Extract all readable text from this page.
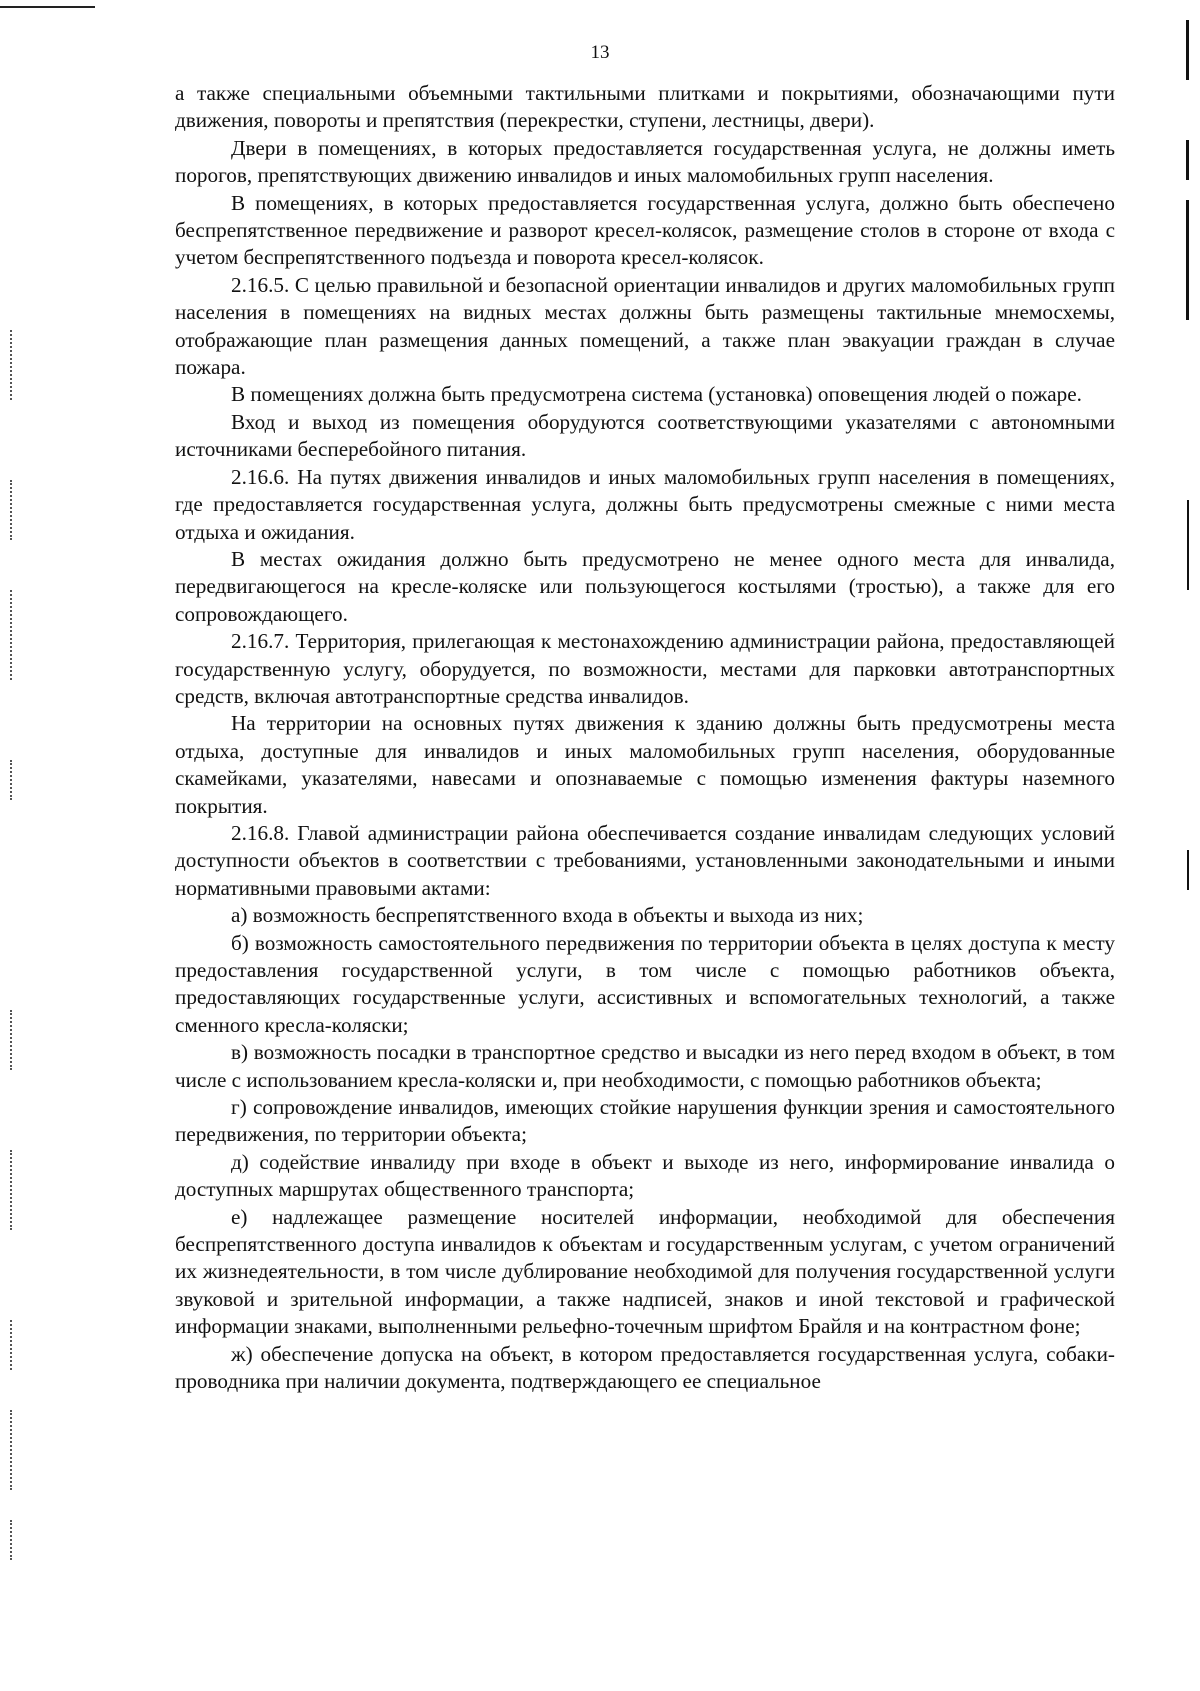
13

а также специальными объемными тактильными плитками и покрытиями, обозначающими пути движения, повороты и препятствия (перекрестки, ступени, лестницы, двери).

Двери в помещениях, в которых предоставляется государственная услуга, не должны иметь порогов, препятствующих движению инвалидов и иных маломобильных групп населения.

В помещениях, в которых предоставляется государственная услуга, должно быть обеспечено беспрепятственное передвижение и разворот кресел-колясок, размещение столов в стороне от входа с учетом беспрепятственного подъезда и поворота кресел-колясок.

2.16.5. С целью правильной и безопасной ориентации инвалидов и других маломобильных групп населения в помещениях на видных местах должны быть размещены тактильные мнемосхемы, отображающие план размещения данных помещений, а также план эвакуации граждан в случае пожара.

В помещениях должна быть предусмотрена система (установка) оповещения людей о пожаре.

Вход и выход из помещения оборудуются соответствующими указателями с автономными источниками бесперебойного питания.

2.16.6. На путях движения инвалидов и иных маломобильных групп населения в помещениях, где предоставляется государственная услуга, должны быть предусмотрены смежные с ними места отдыха и ожидания.

В местах ожидания должно быть предусмотрено не менее одного места для инвалида, передвигающегося на кресле-коляске или пользующегося костылями (тростью), а также для его сопровождающего.

2.16.7. Территория, прилегающая к местонахождению администрации района, предоставляющей государственную услугу, оборудуется, по возможности, местами для парковки автотранспортных средств, включая автотранспортные средства инвалидов.

На территории на основных путях движения к зданию должны быть предусмотрены места отдыха, доступные для инвалидов и иных маломобильных групп населения, оборудованные скамейками, указателями, навесами и опознаваемые с помощью изменения фактуры наземного покрытия.

2.16.8. Главой администрации района обеспечивается создание инвалидам следующих условий доступности объектов в соответствии с требованиями, установленными законодательными и иными нормативными правовыми актами:

а) возможность беспрепятственного входа в объекты и выхода из них;

б) возможность самостоятельного передвижения по территории объекта в целях доступа к месту предоставления государственной услуги, в том числе с помощью работников объекта, предоставляющих государственные услуги, ассистивных и вспомогательных технологий, а также сменного кресла-коляски;

в) возможность посадки в транспортное средство и высадки из него перед входом в объект, в том числе с использованием кресла-коляски и, при необходимости, с помощью работников объекта;

г) сопровождение инвалидов, имеющих стойкие нарушения функции зрения и самостоятельного передвижения, по территории объекта;

д) содействие инвалиду при входе в объект и выходе из него, информирование инвалида о доступных маршрутах общественного транспорта;

е) надлежащее размещение носителей информации, необходимой для обеспечения беспрепятственного доступа инвалидов к объектам и государственным услугам, с учетом ограничений их жизнедеятельности, в том числе дублирование необходимой для получения государственной услуги звуковой и зрительной информации, а также надписей, знаков и иной текстовой и графической информации знаками, выполненными рельефно-точечным шрифтом Брайля и на контрастном фоне;

ж) обеспечение допуска на объект, в котором предоставляется государственная услуга, собаки-проводника при наличии документа, подтверждающего ее специальное
